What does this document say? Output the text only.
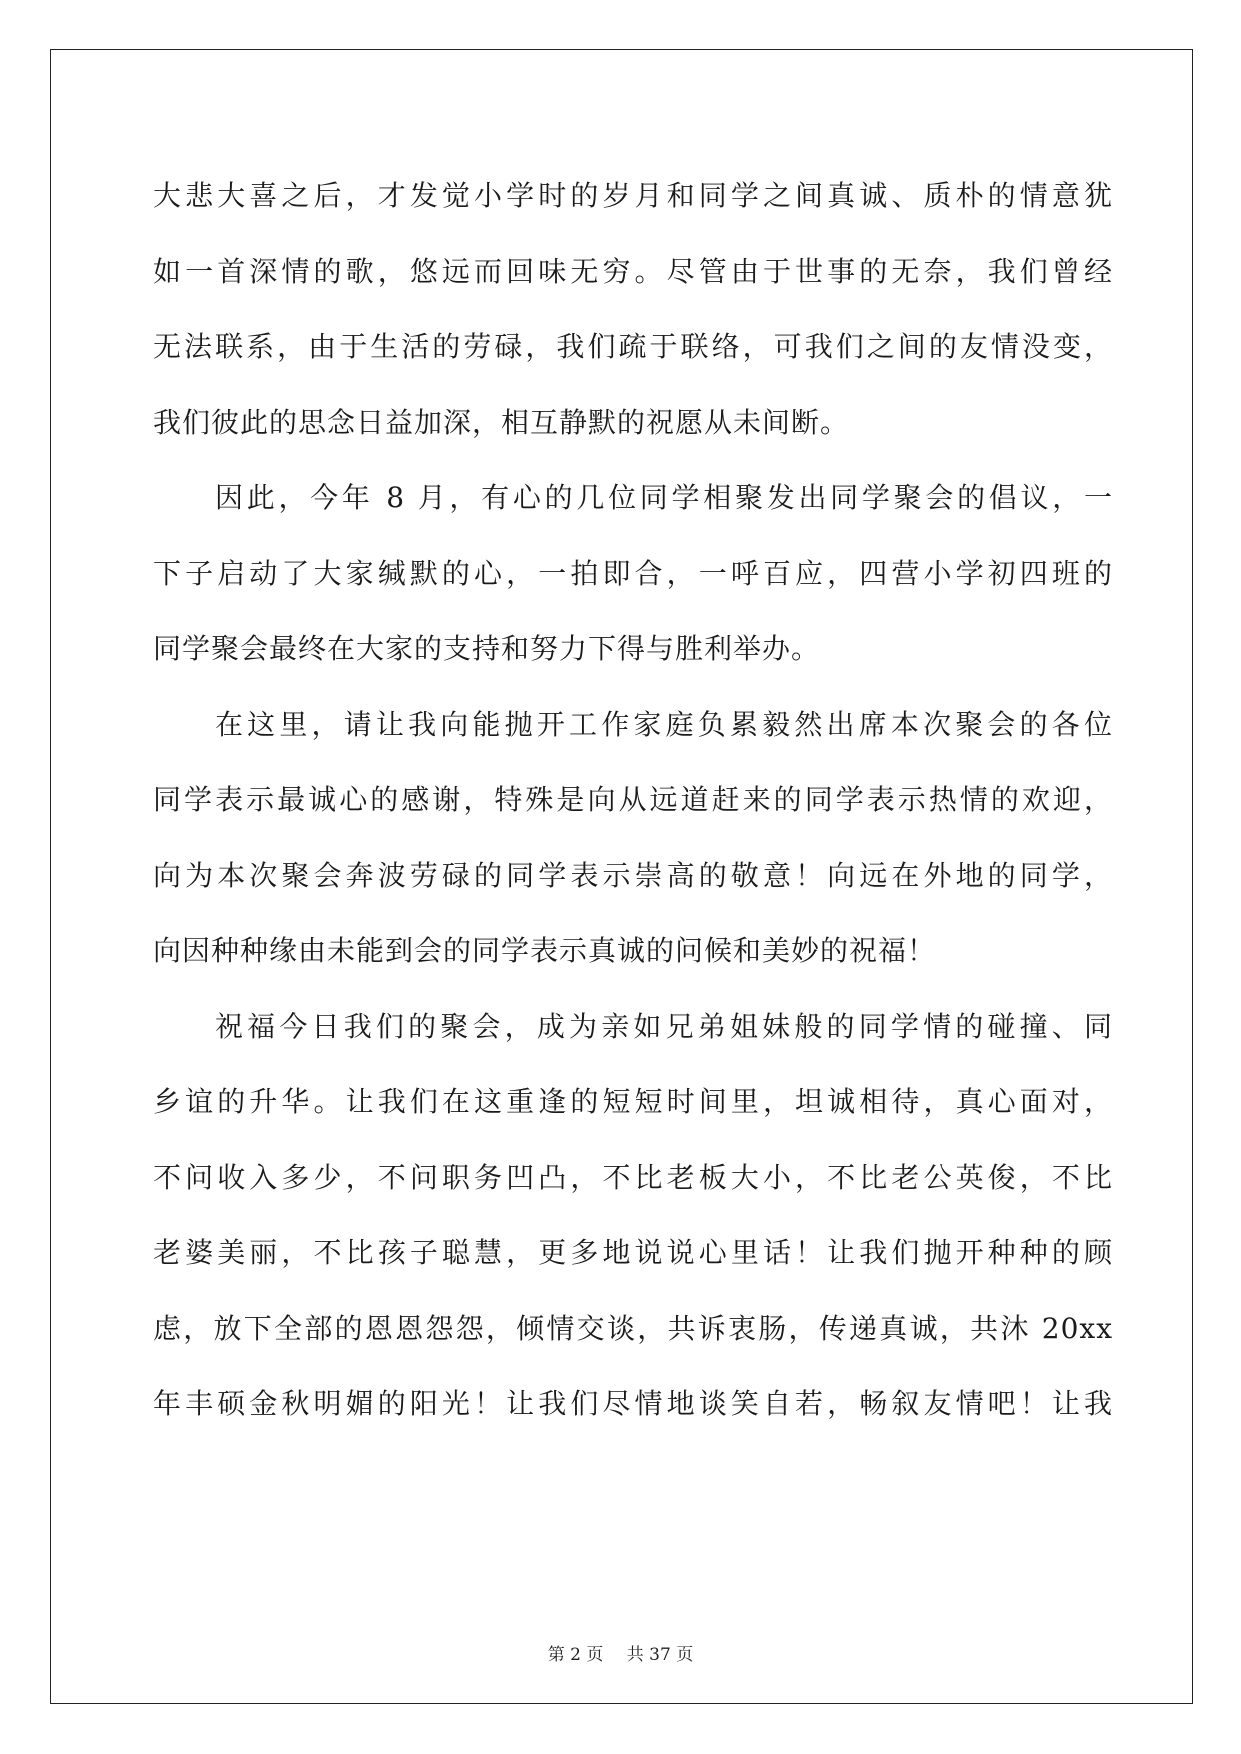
大悲大喜之后，才发觉小学时的岁月和同学之间真诚、质朴的情意犹
如一首深情的歌，悠远而回味无穷。尽管由于世事的无奈，我们曾经
无法联系，由于生活的劳碌，我们疏于联络，可我们之间的友情没变，
我们彼此的思念日益加深，相互静默的祝愿从未间断。
因此，今年 8 月，有心的几位同学相聚发出同学聚会的倡议，一
下子启动了大家缄默的心，一拍即合，一呼百应，四营小学初四班的
同学聚会最终在大家的支持和努力下得与胜利举办。
在这里，请让我向能抛开工作家庭负累毅然出席本次聚会的各位
同学表示最诚心的感谢，特殊是向从远道赶来的同学表示热情的欢迎，
向为本次聚会奔波劳碌的同学表示崇高的敬意！向远在外地的同学，
向因种种缘由未能到会的同学表示真诚的问候和美妙的祝福！
祝福今日我们的聚会，成为亲如兄弟姐妹般的同学情的碰撞、同
乡谊的升华。让我们在这重逢的短短时间里，坦诚相待，真心面对，
不问收入多少，不问职务凹凸，不比老板大小，不比老公英俊，不比
老婆美丽，不比孩子聪慧，更多地说说心里话！让我们抛开种种的顾
虑，放下全部的恩恩怨怨，倾情交谈，共诉衷肠，传递真诚，共沐 20xx
年丰硕金秋明媚的阳光！让我们尽情地谈笑自若，畅叙友情吧！让我
第 2 页 共 37 页
